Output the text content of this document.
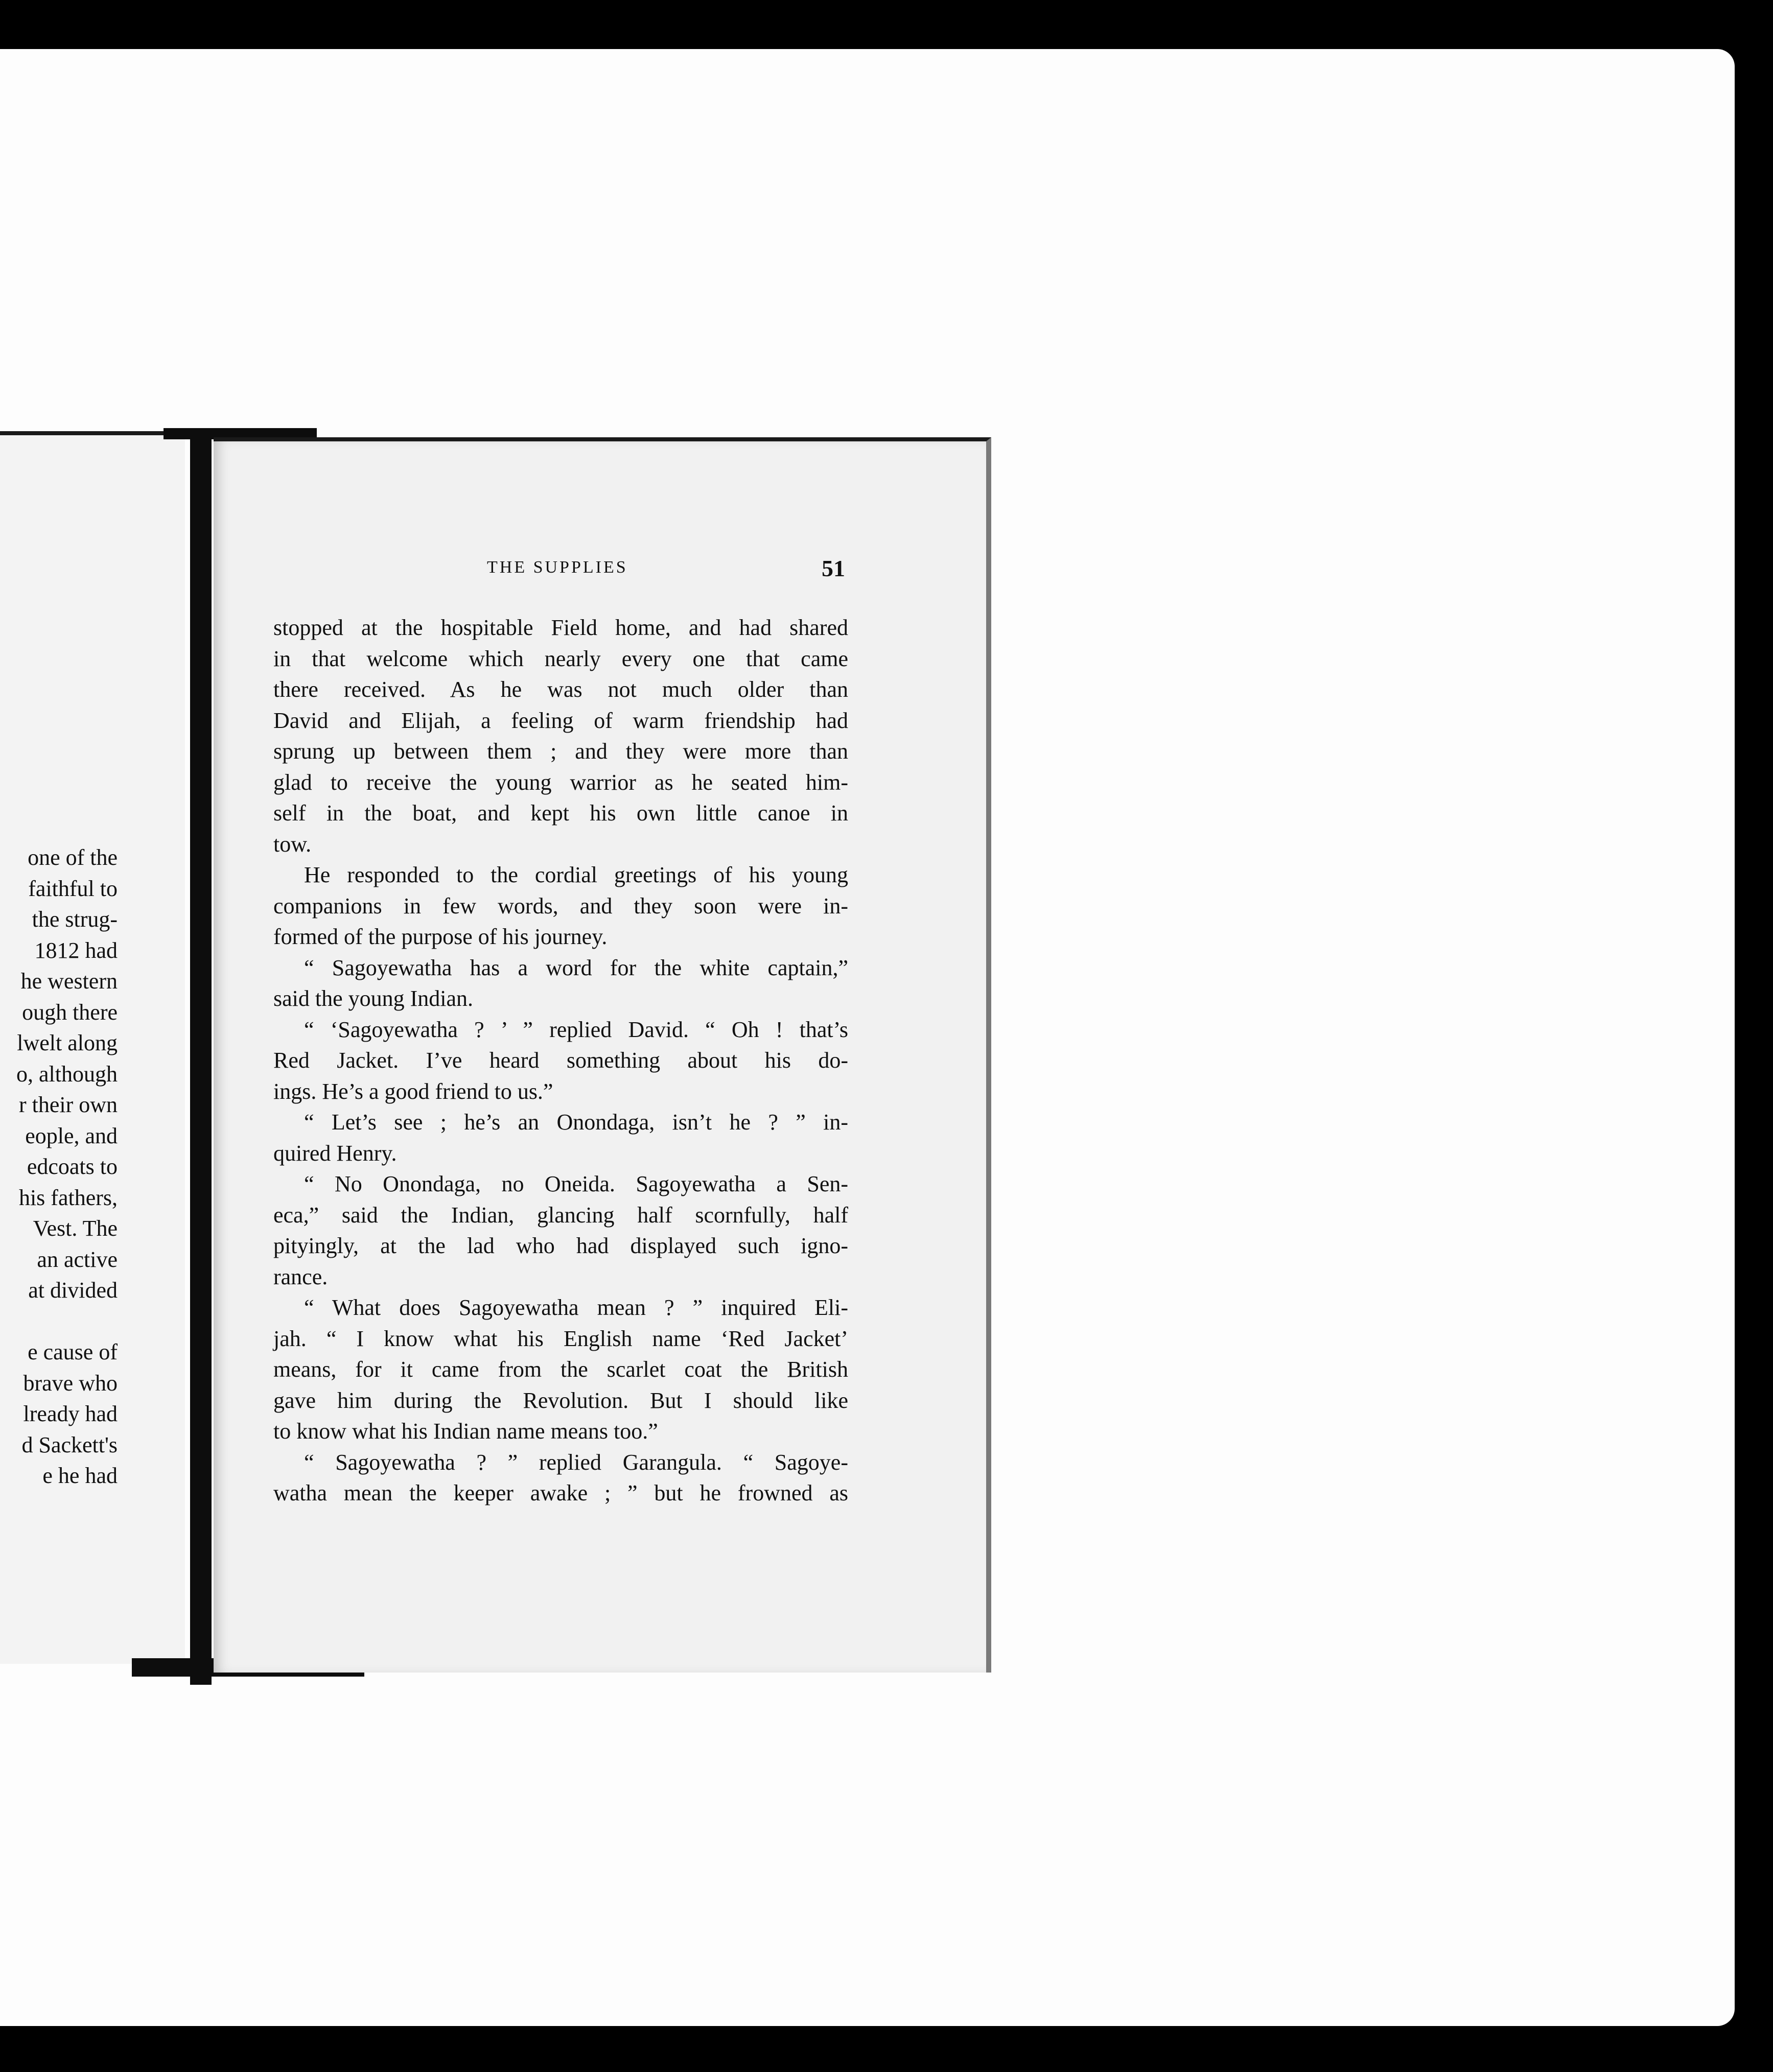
one of the
faithful to
the strug-
1812 had
he western
ough there
lwelt along
o, although
r their own
eople, and
edcoats to
his fathers,
Vest. The
an active
at divided
e cause of
brave who
lready had
d Sackett's
e he had
THE SUPPLIES	51
stopped at the hospitable Field home, and had shared
in that welcome which nearly every one that came
there received. As he was not much older than
David and Elijah, a feeling of warm friendship had
sprung up between them ; and they were more than
glad to receive the young warrior as he seated him-
self in the boat, and kept his own little canoe in
tow.
He responded to the cordial greetings of his young
companions in few words, and they soon were in-
formed of the purpose of his journey.
“ Sagoyewatha has a word for the white captain,”
said the young Indian.
“ ‘Sagoyewatha ? ’ ” replied David. “ Oh ! that’s
Red Jacket. I’ve heard something about his do-
ings. He’s a good friend to us.”
“ Let’s see ; he’s an Onondaga, isn’t he ? ” in-
quired Henry.
“ No Onondaga, no Oneida. Sagoyewatha a Sen-
eca,” said the Indian, glancing half scornfully, half
pityingly, at the lad who had displayed such igno-
rance.
“ What does Sagoyewatha mean ? ” inquired Eli-
jah. “ I know what his English name ‘Red Jacket’
means, for it came from the scarlet coat the British
gave him during the Revolution. But I should like
to know what his Indian name means too.”
“ Sagoyewatha ? ” replied Garangula. “ Sagoye-
watha mean the keeper awake ; ” but he frowned as
